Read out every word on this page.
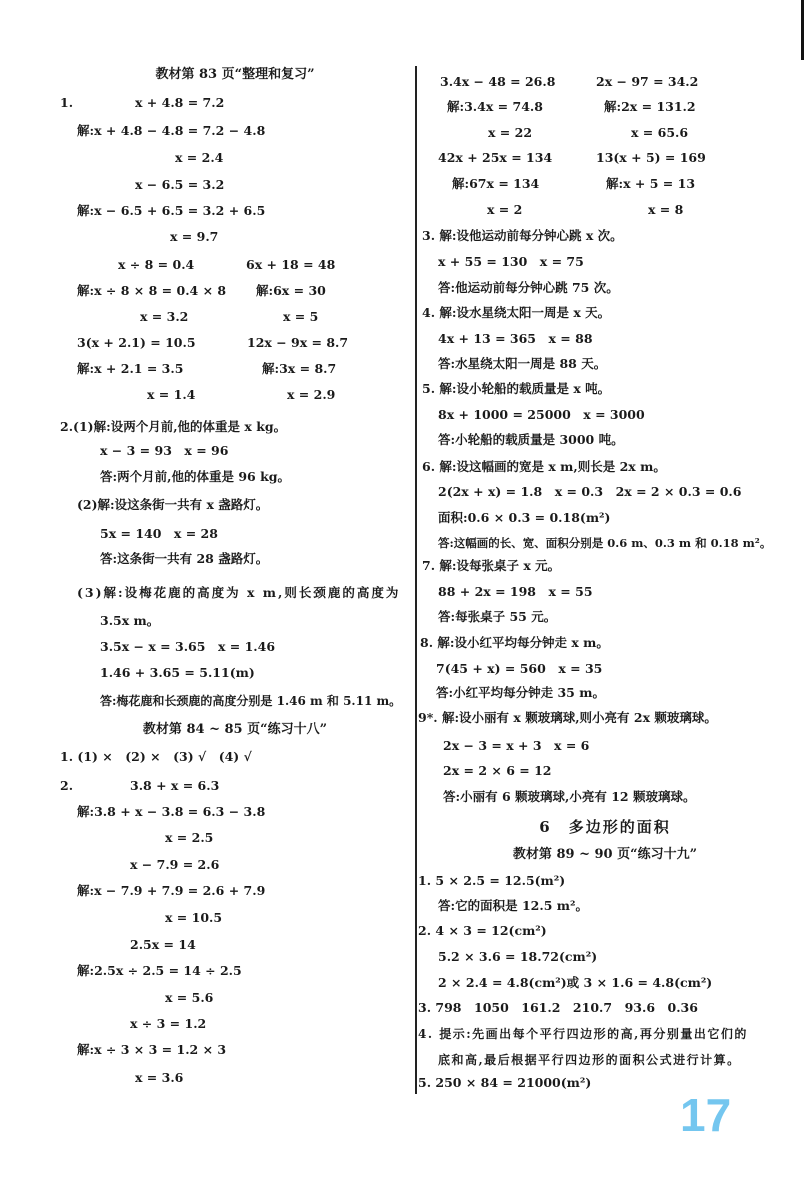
教材第 83 页“整理和复习”
1.	x + 4.8 = 7.2
解:x + 4.8 − 4.8 = 7.2 − 4.8
x = 2.4
x − 6.5 = 3.2
解:x − 6.5 + 6.5 = 3.2 + 6.5
x = 9.7
x ÷ 8 = 0.4	6x + 18 = 48
解:x ÷ 8 × 8 = 0.4 × 8 解:6x = 30
x = 3.2	x = 5
3(x + 2.1) = 10.5	12x − 9x = 8.7
解:x + 2.1 = 3.5	解:3x = 8.7
x = 1.4	x = 2.9
2.(1)解:设两个月前,他的体重是 x kg。
x − 3 = 93　x = 96
答:两个月前,他的体重是 96 kg。
(2)解:设这条街一共有 x 盏路灯。
5x = 140　x = 28
答:这条街一共有 28 盏路灯。
(3)解:设梅花鹿的高度为 x m,则长颈鹿的高度为
3.5x m。
3.5x − x = 3.65　x = 1.46
1.46 + 3.65 = 5.11(m)
答:梅花鹿和长颈鹿的高度分别是 1.46 m 和 5.11 m。
教材第 84 ~ 85 页“练习十八”
1. (1) ×　(2) ×　(3) √　(4) √
2.	3.8 + x = 6.3
解:3.8 + x − 3.8 = 6.3 − 3.8
x = 2.5
x − 7.9 = 2.6
解:x − 7.9 + 7.9 = 2.6 + 7.9
x = 10.5
2.5x = 14
解:2.5x ÷ 2.5 = 14 ÷ 2.5
x = 5.6
x ÷ 3 = 1.2
解:x ÷ 3 × 3 = 1.2 × 3
x = 3.6
3.4x − 48 = 26.8	2x − 97 = 34.2
解:3.4x = 74.8	解:2x = 131.2
x = 22	x = 65.6
42x + 25x = 134	13(x + 5) = 169
解:67x = 134	解:x + 5 = 13
x = 2	x = 8
3. 解:设他运动前每分钟心跳 x 次。
x + 55 = 130　x = 75
答:他运动前每分钟心跳 75 次。
4. 解:设水星绕太阳一周是 x 天。
4x + 13 = 365　x = 88
答:水星绕太阳一周是 88 天。
5. 解:设小轮船的载质量是 x 吨。
8x + 1000 = 25000　x = 3000
答:小轮船的载质量是 3000 吨。
6. 解:设这幅画的宽是 x m,则长是 2x m。
2(2x + x) = 1.8　x = 0.3　2x = 2 × 0.3 = 0.6
面积:0.6 × 0.3 = 0.18(m²)
答:这幅画的长、宽、面积分别是 0.6 m、0.3 m 和 0.18 m²。
7. 解:设每张桌子 x 元。
88 + 2x = 198　x = 55
答:每张桌子 55 元。
8. 解:设小红平均每分钟走 x m。
7(45 + x) = 560　x = 35
答:小红平均每分钟走 35 m。
9*. 解:设小丽有 x 颗玻璃球,则小亮有 2x 颗玻璃球。
2x − 3 = x + 3　x = 6
2x = 2 × 6 = 12
答:小丽有 6 颗玻璃球,小亮有 12 颗玻璃球。
6　多边形的面积
教材第 89 ~ 90 页“练习十九”
1. 5 × 2.5 = 12.5(m²)
答:它的面积是 12.5 m²。
2. 4 × 3 = 12(cm²)
5.2 × 3.6 = 18.72(cm²)
2 × 2.4 = 4.8(cm²)或 3 × 1.6 = 4.8(cm²)
3. 798　1050　161.2　210.7　93.6　0.36
4. 提示:先画出每个平行四边形的高,再分别量出它们的
底和高,最后根据平行四边形的面积公式进行计算。
5. 250 × 84 = 21000(m²)
17
